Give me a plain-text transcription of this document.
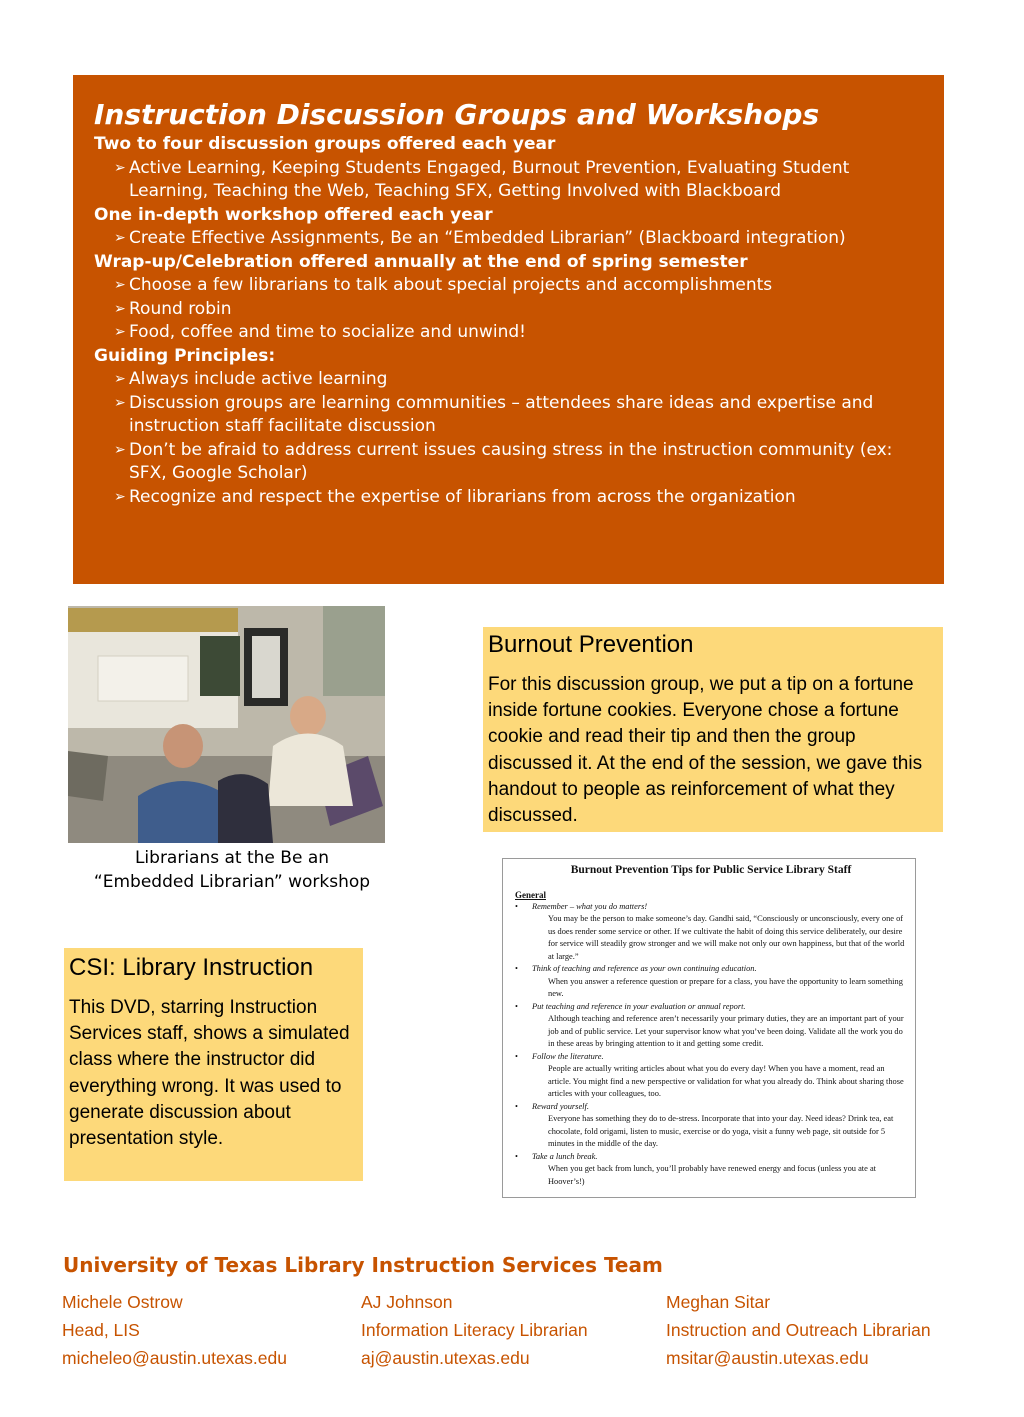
Instruction Discussion Groups and Workshops
Two to four discussion groups offered each year
➢ Active Learning, Keeping Students Engaged, Burnout Prevention, Evaluating Student Learning, Teaching the Web, Teaching SFX, Getting Involved with Blackboard
One in-depth workshop offered each year
➢ Create Effective Assignments, Be an “Embedded Librarian” (Blackboard integration)
Wrap-up/Celebration offered annually at the end of spring semester
➢ Choose a few librarians to talk about special projects and accomplishments
➢ Round robin
➢ Food, coffee and time to socialize and unwind!
Guiding Principles:
➢ Always include active learning
➢ Discussion groups are learning communities – attendees share ideas and expertise and instruction staff facilitate discussion
➢ Don’t be afraid to address current issues causing stress in the instruction community (ex: SFX, Google Scholar)
➢ Recognize and respect the expertise of librarians from across the organization
Librarians at the Be an
“Embedded Librarian” workshop
Burnout Prevention

For this discussion group, we put a tip on a fortune inside fortune cookies. Everyone chose a fortune cookie and read their tip and then the group discussed it. At the end of the session, we gave this handout to people as reinforcement of what they discussed.

Burnout Prevention Tips for Public Service Library Staff
General
• Remember – what you do matters!
You may be the person to make someone’s day. Gandhi said, “Consciously or unconsciously, every one of us does render some service or other. If we cultivate the habit of doing this service deliberately, our desire for service will steadily grow stronger and we will make not only our own happiness, but that of the world at large.”
• Think of teaching and reference as your own continuing education.
When you answer a reference question or prepare for a class, you have the opportunity to learn something new.
• Put teaching and reference in your evaluation or annual report.
Although teaching and reference aren’t necessarily your primary duties, they are an important part of your job and of public service. Let your supervisor know what you’ve been doing. Validate all the work you do in these areas by bringing attention to it and getting some credit.
• Follow the literature.
People are actually writing articles about what you do every day! When you have a moment, read an article. You might find a new perspective or validation for what you already do. Think about sharing those articles with your colleagues, too.
• Reward yourself.
Everyone has something they do to de-stress. Incorporate that into your day. Need ideas? Drink tea, eat chocolate, fold origami, listen to music, exercise or do yoga, visit a funny web page, sit outside for 5 minutes in the middle of the day.
• Take a lunch break.
When you get back from lunch, you’ll probably have renewed energy and focus (unless you ate at Hoover’s!)
CSI: Library Instruction

This DVD, starring Instruction Services staff, shows a simulated class where the instructor did everything wrong. It was used to generate discussion about presentation style.

University of Texas Library Instruction Services Team
Michele Ostrow
Head, LIS
micheleo@austin.utexas.edu
AJ Johnson
Information Literacy Librarian
aj@austin.utexas.edu
Meghan Sitar
Instruction and Outreach Librarian
msitar@austin.utexas.edu
